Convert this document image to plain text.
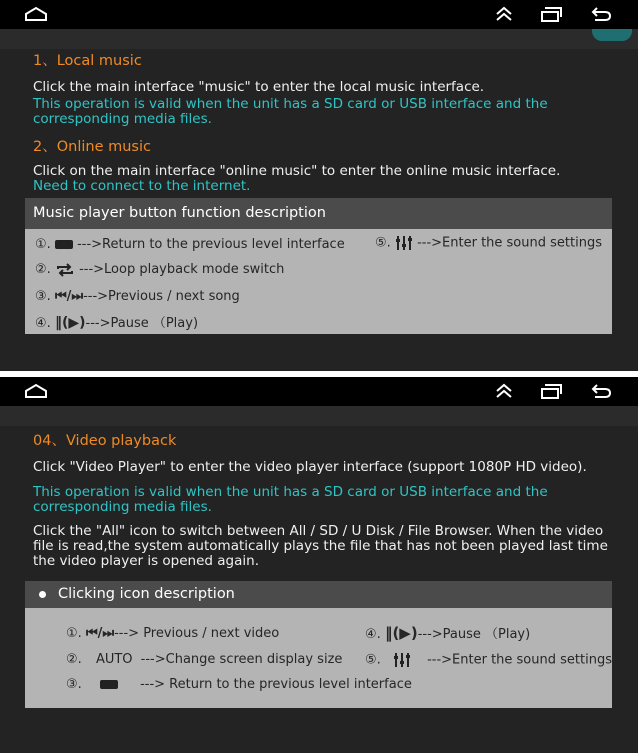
1、Local music
Click the main interface "music" to enter the local music interface.
This operation is valid when the unit has a SD card or USB interface and the
corresponding media files.
2、Online music
Click on the main interface "online music" to enter the online music interface.
Need to connect to the internet.
Music player button function description
①. --->Return to the previous level interface
②. --->Loop playback mode switch
③. ⏮/⏭--->Previous / next song
④. ‖(▶)--->Pause （Play)
⑤. --->Enter the sound settings
04、Video playback
Click "Video Player" to enter the video player interface (support 1080P HD video).
This operation is valid when the unit has a SD card or USB interface and the
corresponding media files.
Click the "All" icon to switch between All / SD / U Disk / File Browser. When the video
file is read,the system automatically plays the file that has not been played last time
the video player is opened again.
Clicking icon description
①. ⏮/⏭---> Previous / next video
②. AUTO --->Change screen display size
③.	---> Return to the previous level interface
④. ‖(▶)--->Pause （Play)
⑤.	--->Enter the sound settings
